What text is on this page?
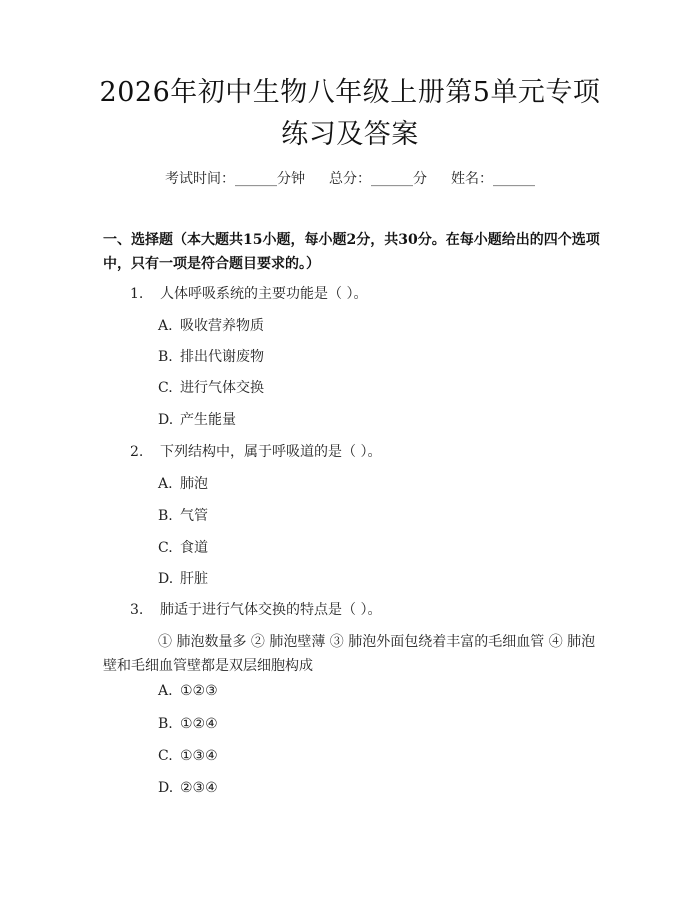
2026年初中生物八年级上册第5单元专项练习及答案
考试时间：______分钟 总分：______分 姓名：______
一、选择题（本大题共15小题，每小题2分，共30分。在每小题给出的四个选项中，只有一项是符合题目要求的。）
1. 人体呼吸系统的主要功能是（ ）。
A. 吸收营养物质
B. 排出代谢废物
C. 进行气体交换
D. 产生能量
2. 下列结构中，属于呼吸道的是（ ）。
A. 肺泡
B. 气管
C. 食道
D. 肝脏
3. 肺适于进行气体交换的特点是（ ）。
① 肺泡数量多 ② 肺泡壁薄 ③ 肺泡外面包绕着丰富的毛细血管 ④ 肺泡壁和毛细血管壁都是双层细胞构成
A. ①②③
B. ①②④
C. ①③④
D. ②③④
